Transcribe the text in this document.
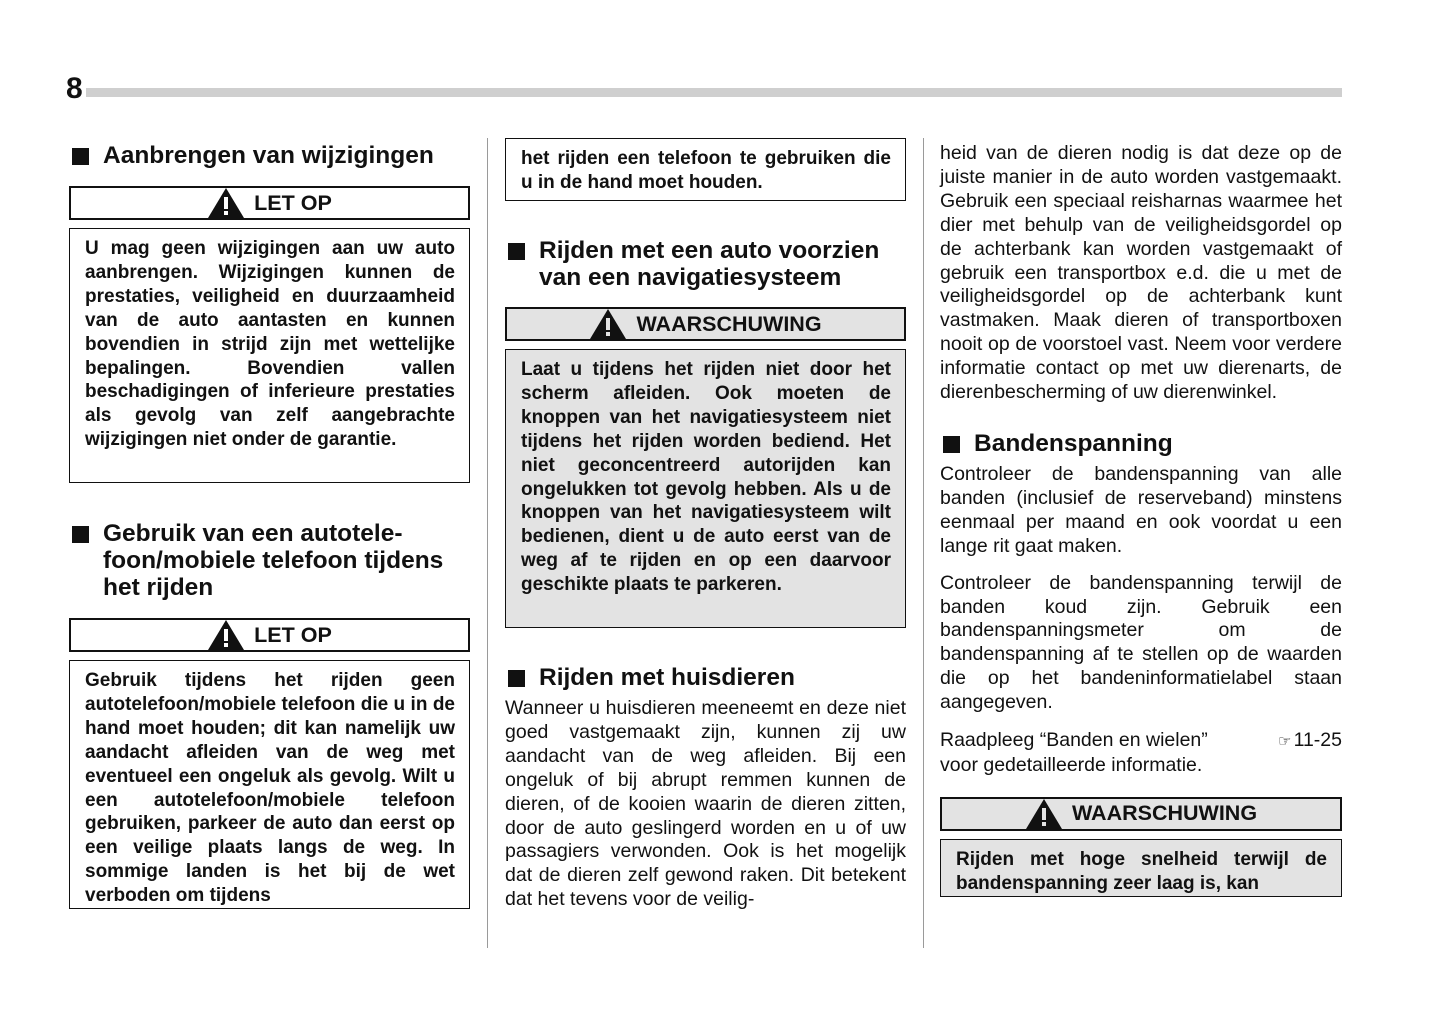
8
Aanbrengen van wijzigingen
LET OP
U mag geen wijzigingen aan uw auto aanbrengen. Wijzigingen kunnen de prestaties, veiligheid en duurzaamheid van de auto aantasten en kunnen bovendien in strijd zijn met wettelijke bepalingen. Bovendien vallen beschadigingen of inferieure prestaties als gevolg van zelf aangebrachte wijzigingen niet onder de garantie.
Gebruik van een autotele-
foon/mobiele telefoon tijdens
het rijden
LET OP
Gebruik tijdens het rijden geen autotelefoon/mobiele telefoon die u in de hand moet houden; dit kan namelijk uw aandacht afleiden van de weg met eventueel een ongeluk als gevolg. Wilt u een autotelefoon/mobiele telefoon gebruiken, parkeer de auto dan eerst op een veilige plaats langs de weg. In sommige landen is het bij de wet verboden om tijdens
het rijden een telefoon te gebruiken die u in de hand moet houden.
Rijden met een auto voorzien
van een navigatiesysteem
WAARSCHUWING
Laat u tijdens het rijden niet door het scherm afleiden. Ook moeten de knoppen van het navigatiesysteem niet tijdens het rijden worden bediend. Het niet geconcentreerd autorijden kan ongelukken tot gevolg hebben. Als u de knoppen van het navigatiesysteem wilt bedienen, dient u de auto eerst van de weg af te rijden en op een daarvoor geschikte plaats te parkeren.
Rijden met huisdieren

Wanneer u huisdieren meeneemt en deze niet goed vastgemaakt zijn, kunnen zij uw aandacht van de weg afleiden. Bij een ongeluk of bij abrupt remmen kunnen de dieren, of de kooien waarin de dieren zitten, door de auto geslingerd worden en u of uw passagiers verwonden. Ook is het mogelijk dat de dieren zelf gewond raken. Dit betekent dat het tevens voor de veilig-

heid van de dieren nodig is dat deze op de juiste manier in de auto worden vastgemaakt. Gebruik een speciaal reisharnas waarmee het dier met behulp van de veiligheidsgordel op de achterbank kan worden vastgemaakt of gebruik een transportbox e.d. die u met de veiligheidsgordel op de achterbank kunt vastmaken. Maak dieren of transportboxen nooit op de voorstoel vast. Neem voor verdere informatie contact op met uw dierenarts, de dierenbescherming of uw dierenwinkel.

Bandenspanning

Controleer de bandenspanning van alle banden (inclusief de reserveband) minstens eenmaal per maand en ook voordat u een lange rit gaat maken.

Controleer de bandenspanning terwijl de banden koud zijn. Gebruik een bandenspanningsmeter om de bandenspanning af te stellen op de waarden die op het bandeninformatielabel staan aangegeven.

Raadpleeg “Banden en wielen”	☞ 11-25
voor gedetailleerde informatie.

WAARSCHUWING
Rijden met hoge snelheid terwijl de bandenspanning zeer laag is, kan
